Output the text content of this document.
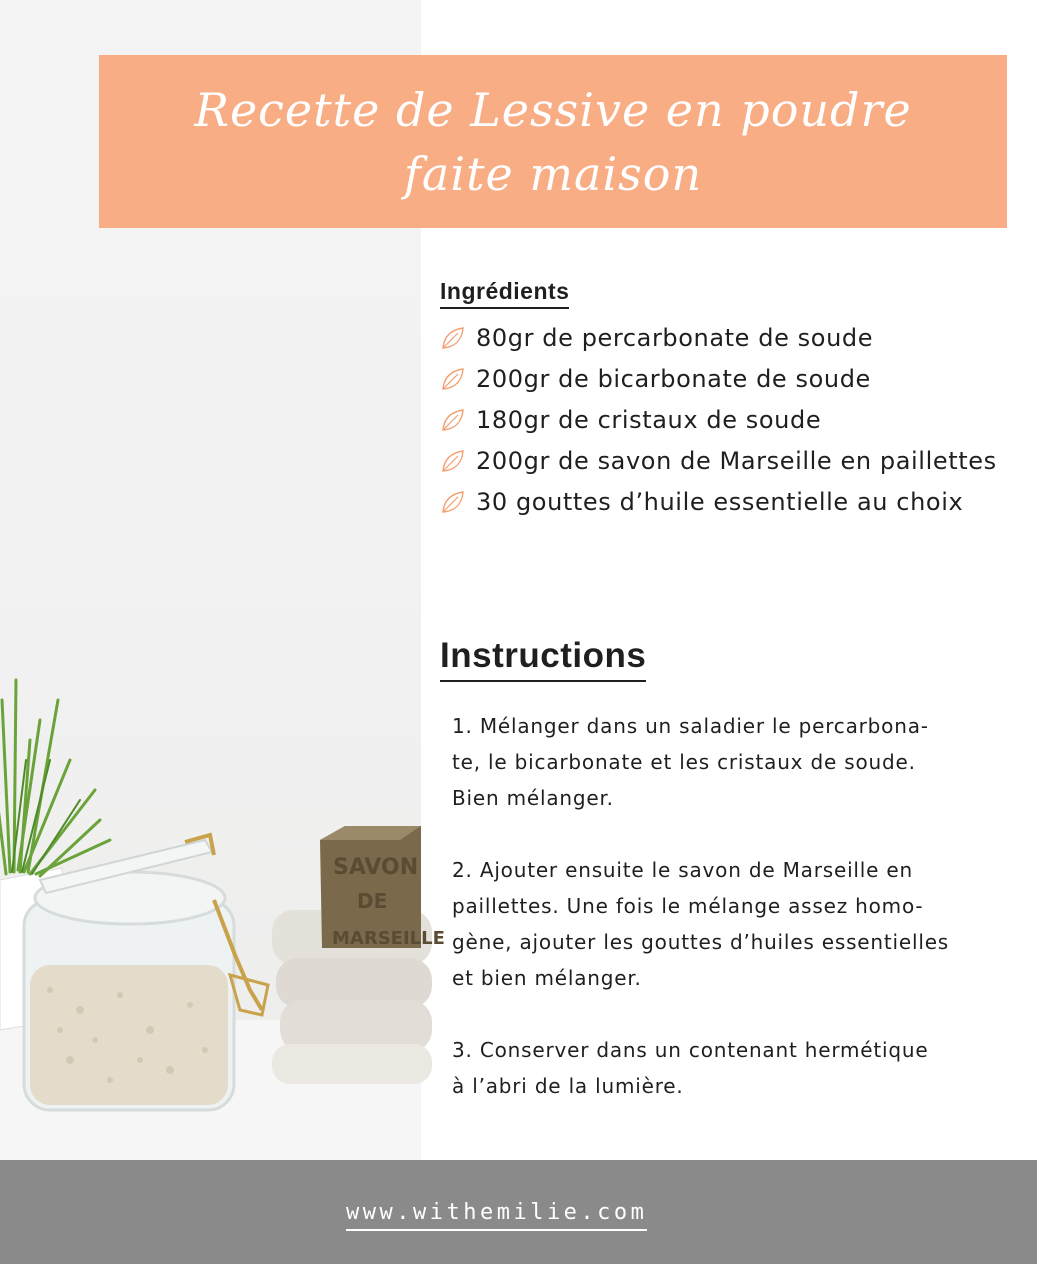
SAVON
DE
MARSEILLE
Recette de Lessive en poudre faite maison
Ingrédients
80gr de percarbonate de soude
200gr de bicarbonate de soude
180gr de cristaux de soude
200gr de savon de Marseille en paillettes
30 gouttes d’huile essentielle au choix
Instructions

1. Mélanger dans un saladier le percarbona-
te, le bicarbonate et les cristaux de soude.
Bien mélanger.

2. Ajouter ensuite le savon de Marseille en
paillettes. Une fois le mélange assez homo-
gène, ajouter les gouttes d’huiles essentielles
et bien mélanger.

3. Conserver dans un contenant hermétique
à l’abri de la lumière.

www.withemilie.com
